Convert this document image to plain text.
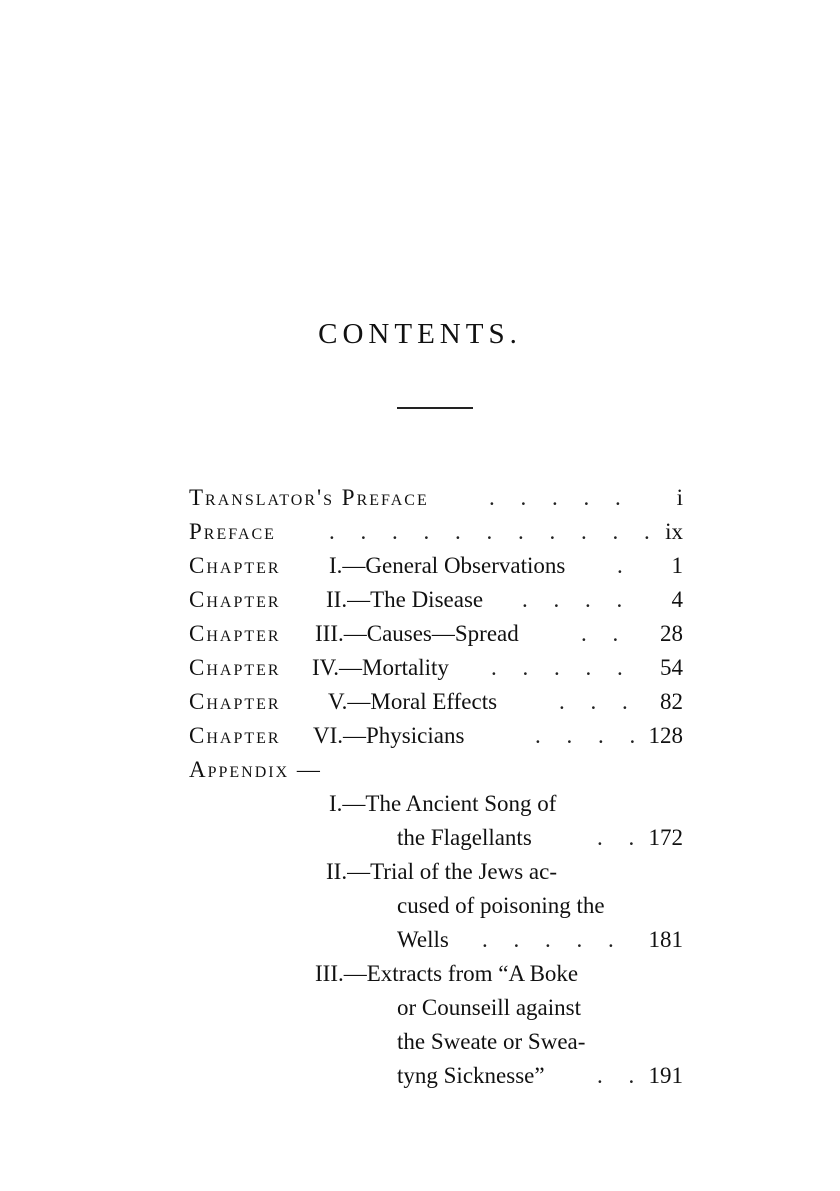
CONTENTS.
Translator's Preface	. . . . . i
Preface . . . . . . . . . . . ix
Chapter I.—General Observations . 1
Chapter II.—The Disease . . . . 4
Chapter III.—Causes—Spread	. . 28
Chapter IV.—Mortality . . . . . 54
Chapter V.—Moral Effects	. . . 82
Chapter VI.—Physicians	. . . . 128
Appendix —
I.—The Ancient Song of
the Flagellants	. . 172
II.—Trial of the Jews ac-
cused of poisoning the
Wells . . . . . 181
III.—Extracts from “A Boke
or Counseill against
the Sweate or Swea-
tyng Sicknesse” . . 191
